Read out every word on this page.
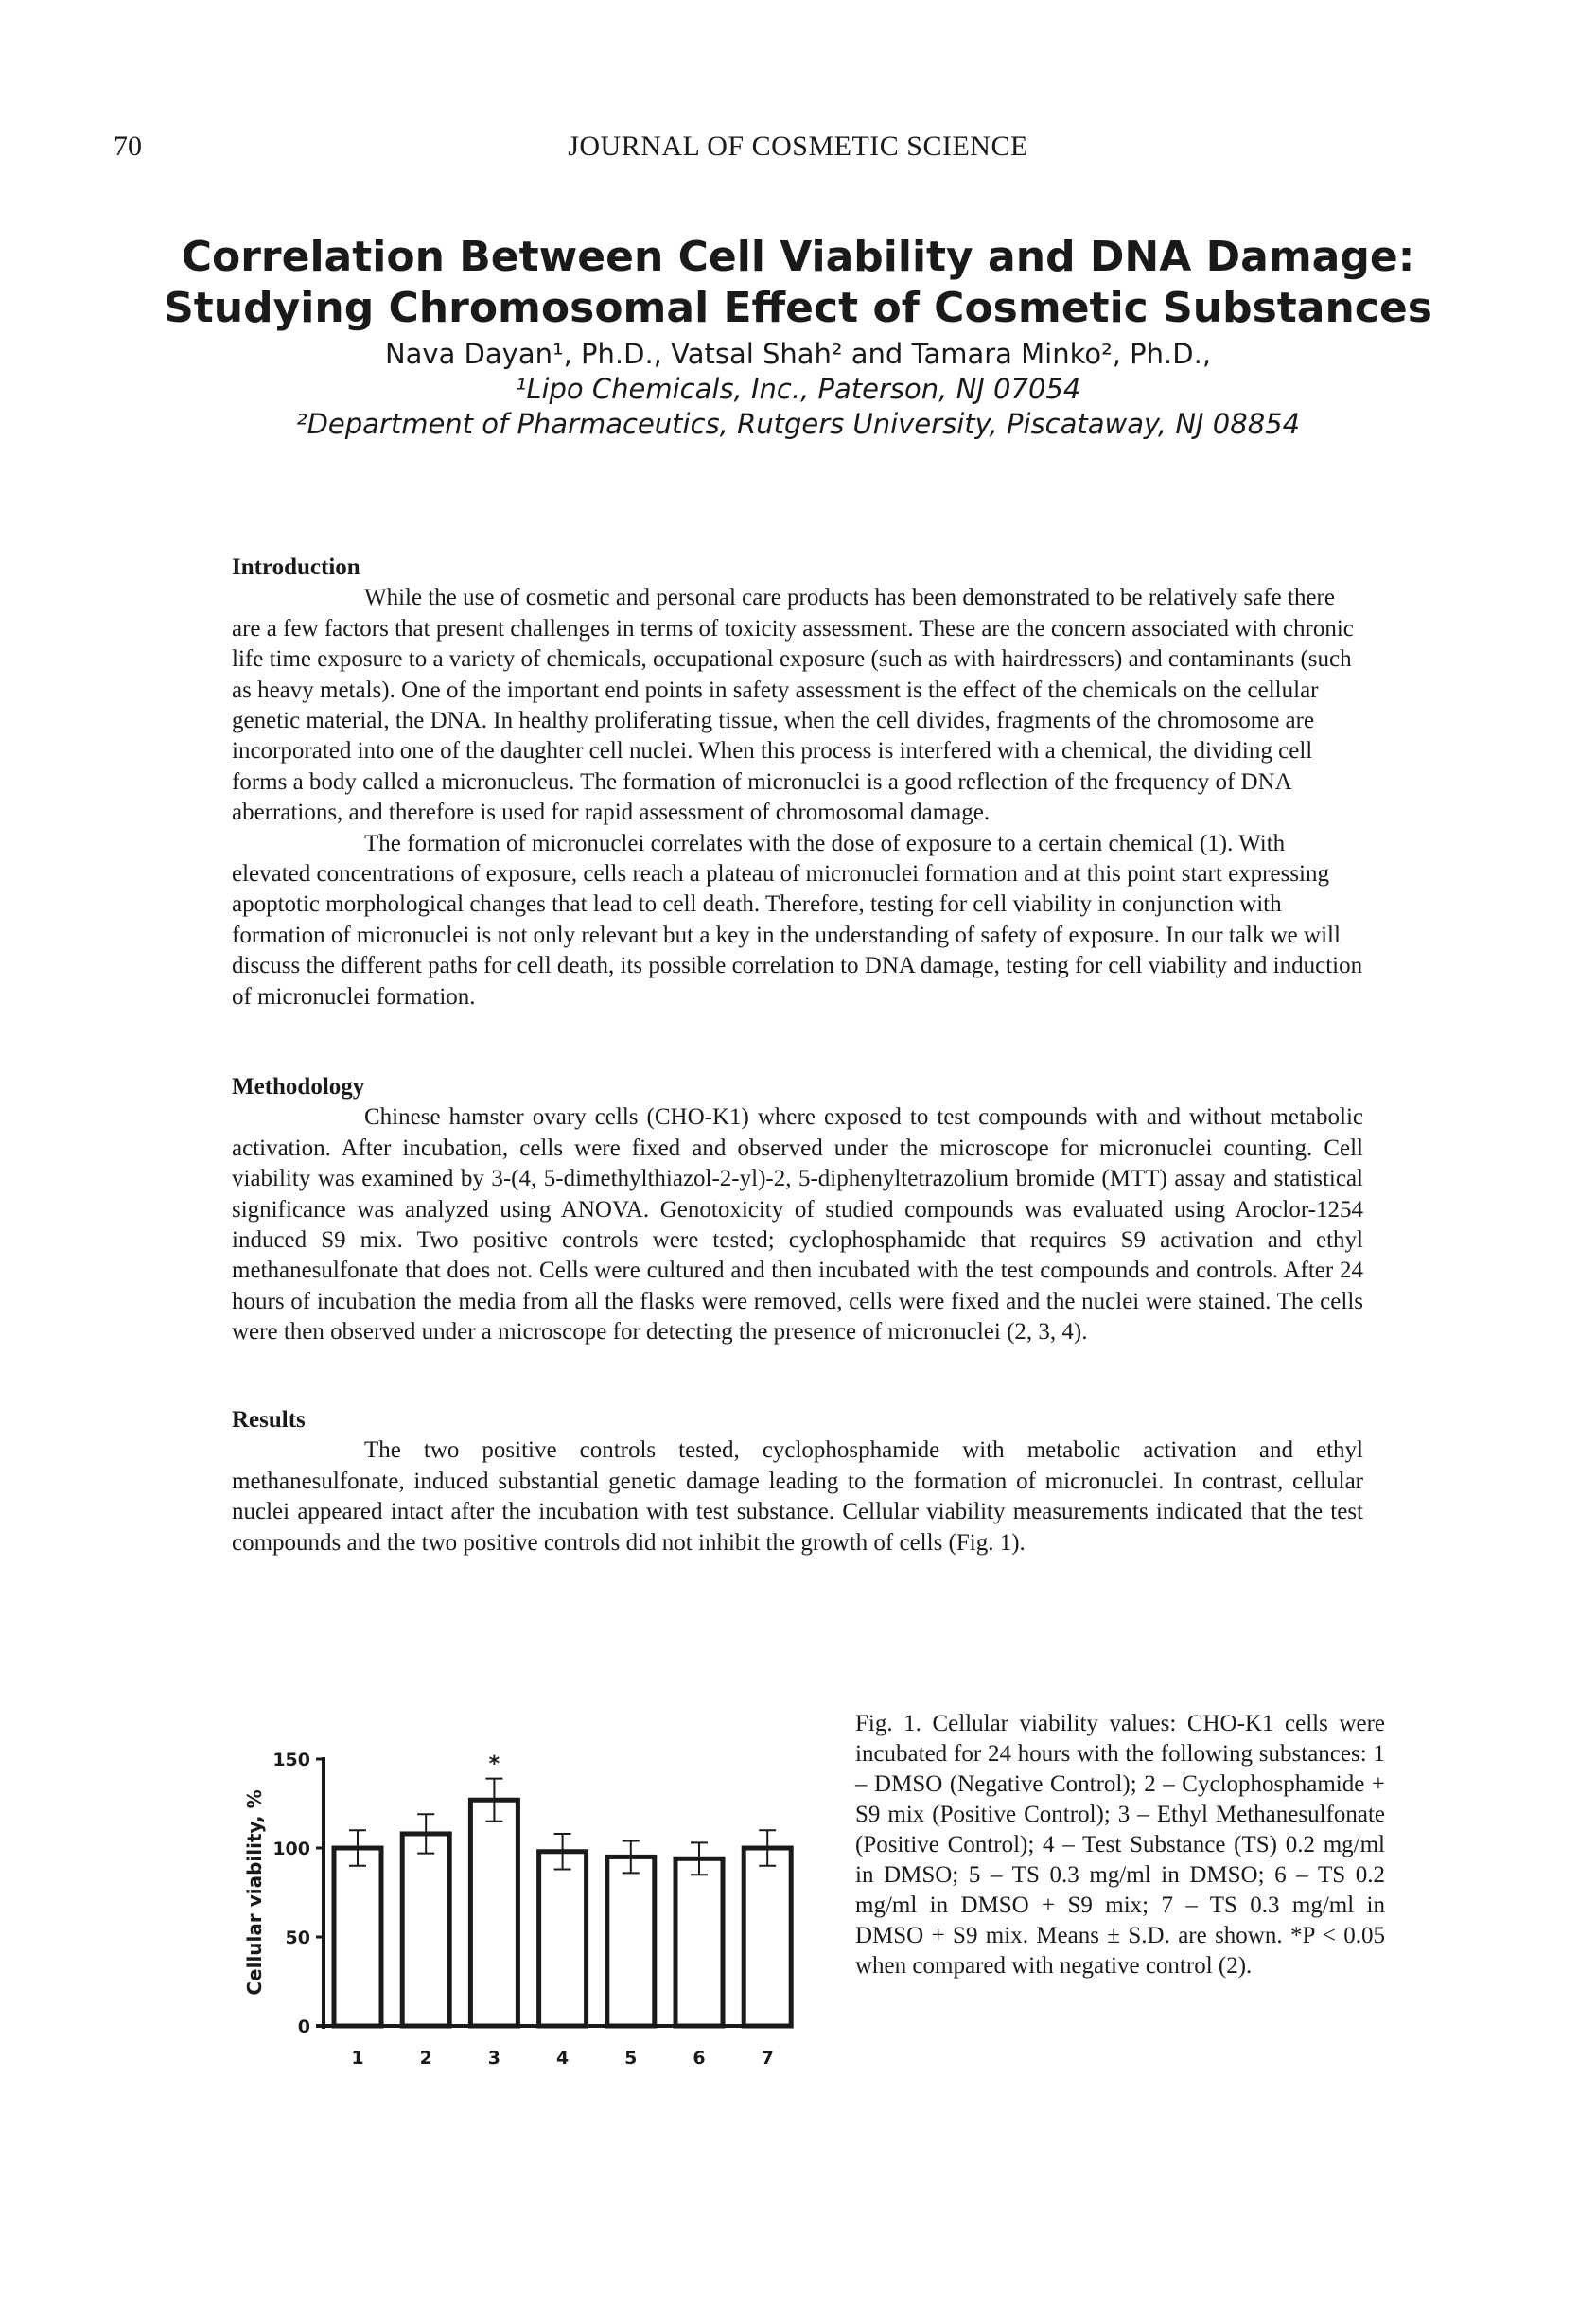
70	JOURNAL OF COSMETIC SCIENCE
Correlation Between Cell Viability and DNA Damage:
Studying Chromosomal Effect of Cosmetic Substances
Nava Dayan¹, Ph.D., Vatsal Shah² and Tamara Minko², Ph.D.,
¹Lipo Chemicals, Inc., Paterson, NJ 07054
²Department of Pharmaceutics, Rutgers University, Piscataway, NJ 08854
Introduction

While the use of cosmetic and personal care products has been demonstrated to be relatively safe there are a few factors that present challenges in terms of toxicity assessment. These are the concern associated with chronic life time exposure to a variety of chemicals, occupational exposure (such as with hairdressers) and contaminants (such as heavy metals). One of the important end points in safety assessment is the effect of the chemicals on the cellular genetic material, the DNA. In healthy proliferating tissue, when the cell divides, fragments of the chromosome are incorporated into one of the daughter cell nuclei. When this process is interfered with a chemical, the dividing cell forms a body called a micronucleus. The formation of micronuclei is a good reflection of the frequency of DNA aberrations, and therefore is used for rapid assessment of chromosomal damage.

The formation of micronuclei correlates with the dose of exposure to a certain chemical (1). With elevated concentrations of exposure, cells reach a plateau of micronuclei formation and at this point start expressing apoptotic morphological changes that lead to cell death. Therefore, testing for cell viability in conjunction with formation of micronuclei is not only relevant but a key in the understanding of safety of exposure. In our talk we will discuss the different paths for cell death, its possible correlation to DNA damage, testing for cell viability and induction of micronuclei formation.

Methodology

Chinese hamster ovary cells (CHO-K1) where exposed to test compounds with and without metabolic activation. After incubation, cells were fixed and observed under the microscope for micronuclei counting. Cell viability was examined by 3-(4, 5-dimethylthiazol-2-yl)-2, 5-diphenyltetrazolium bromide (MTT) assay and statistical significance was analyzed using ANOVA. Genotoxicity of studied compounds was evaluated using Aroclor-1254 induced S9 mix. Two positive controls were tested; cyclophosphamide that requires S9 activation and ethyl methanesulfonate that does not. Cells were cultured and then incubated with the test compounds and controls. After 24 hours of incubation the media from all the flasks were removed, cells were fixed and the nuclei were stained. The cells were then observed under a microscope for detecting the presence of micronuclei (2, 3, 4).

Results

The two positive controls tested, cyclophosphamide with metabolic activation and ethyl methanesulfonate, induced substantial genetic damage leading to the formation of micronuclei. In contrast, cellular nuclei appeared intact after the incubation with test substance. Cellular viability measurements indicated that the test compounds and the two positive controls did not inhibit the growth of cells (Fig. 1).

0
50
100
150
Cellular viability, %
1	2	3
*
4	5	6	7
Fig. 1. Cellular viability values: CHO-K1 cells were incubated for 24 hours with the following substances: 1 – DMSO (Negative Control); 2 – Cyclophosphamide + S9 mix (Positive Control); 3 – Ethyl Methanesulfonate (Positive Control); 4 – Test Substance (TS) 0.2 mg/ml in DMSO; 5 – TS 0.3 mg/ml in DMSO; 6 – TS 0.2 mg/ml in DMSO + S9 mix; 7 – TS 0.3 mg/ml in DMSO + S9 mix. Means ± S.D. are shown. *P < 0.05 when compared with negative control (2).
